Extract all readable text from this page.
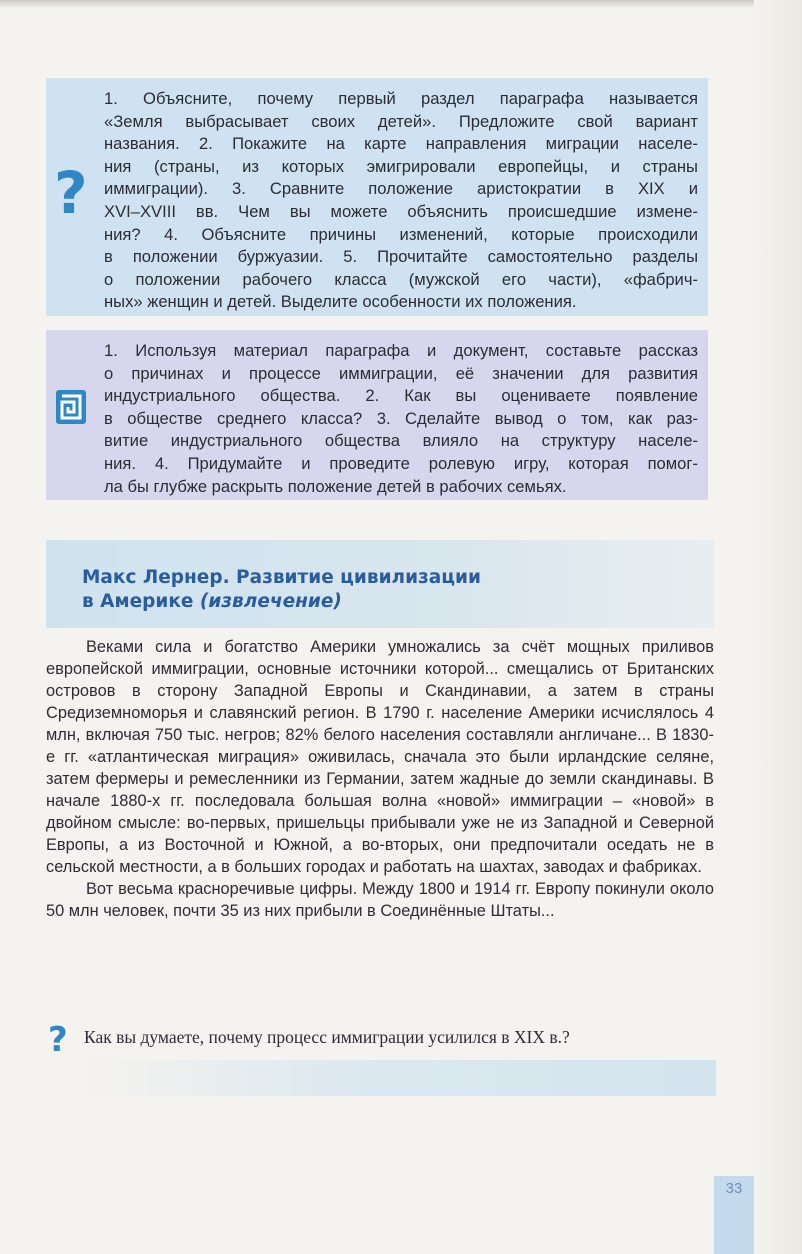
?

1. Объясните, почему первый раздел параграфа называется

«Земля выбрасывает своих детей». Предложите свой вариант

названия. 2. Покажите на карте направления миграции населе-

ния (страны, из которых эмигрировали европейцы, и страны

иммиграции). 3. Сравните положение аристократии в XIX и

XVI–XVIII вв. Чем вы можете объяснить происшедшие измене-

ния? 4. Объясните причины изменений, которые происходили

в положении буржуазии. 5. Прочитайте самостоятельно разделы

о положении рабочего класса (мужской его части), «фабрич-

ных» женщин и детей. Выделите особенности их положения.

1. Используя материал параграфа и документ, составьте рассказ

о причинах и процессе иммиграции, её значении для развития

индустриального общества. 2. Как вы оцениваете появление

в обществе среднего класса? 3. Сделайте вывод о том, как раз-

витие индустриального общества влияло на структуру населе-

ния. 4. Придумайте и проведите ролевую игру, которая помог-

ла бы глубже раскрыть положение детей в рабочих семьях.

Макс Лернер. Развитие цивилизации
в Америке (извлечение)

Веками сила и богатство Америки умножались за счёт мощных приливов европейской иммиграции, основные источники которой... смещались от Британских островов в сторону Западной Европы и Скандинавии, а затем в страны Средиземноморья и славянский регион. В 1790 г. население Америки исчислялось 4 млн, включая 750 тыс. негров; 82% белого населения составляли англичане... В 1830-е гг. «атлантическая миграция» оживилась, сначала это были ирландские селяне, затем фермеры и ремесленники из Германии, затем жадные до земли скандинавы. В начале 1880-х гг. последовала большая волна «новой» иммиграции – «новой» в двойном смысле: во-первых, пришельцы прибывали уже не из Западной и Северной Европы, а из Восточной и Южной, а во-вторых, они предпочитали оседать не в сельской местности, а в больших городах и работать на шахтах, заводах и фабриках.

Вот весьма красноречивые цифры. Между 1800 и 1914 гг. Европу покинули около 50 млн человек, почти 35 из них прибыли в Соединённые Штаты...

? Как вы думаете, почему процесс иммиграции усилился в XIX в.?
33
